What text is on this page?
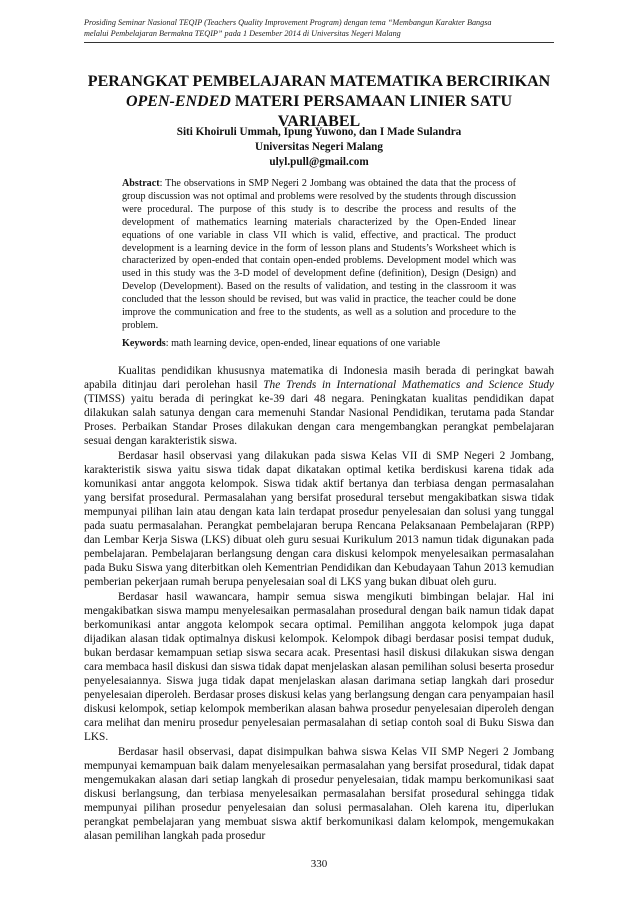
Prosiding Seminar Nasional TEQIP (Teachers Quality Improvement Program) dengan tema “Membangun Karakter Bangsa
melalui Pembelajaran Bermakna TEQIP” pada 1 Desember 2014 di Universitas Negeri Malang
PERANGKAT PEMBELAJARAN MATEMATIKA BERCIRIKAN
OPEN-ENDED MATERI PERSAMAAN LINIER SATU VARIABEL
Siti Khoiruli Ummah, Ipung Yuwono, dan I Made Sulandra
Universitas Negeri Malang
ulyl.pull@gmail.com
Abstract: The observations in SMP Negeri 2 Jombang was obtained the data that the process of group discussion was not optimal and problems were resolved by the students through discussion were procedural. The purpose of this study is to describe the process and results of the development of mathematics learning materials characterized by the Open-Ended linear equations of one variable in class VII which is valid, effective, and practical. The product development is a learning device in the form of lesson plans and Students’s Worksheet which is characterized by open-ended that contain open-ended problems. Development model which was used in this study was the 3-D model of development define (definition), Design (Design) and Develop (Development). Based on the results of validation, and testing in the classroom it was concluded that the lesson should be revised, but was valid in practice, the teacher could be done improve the communication and free to the students, as well as a solution and procedure to the problem.
Keywords: math learning device, open-ended, linear equations of one variable

Kualitas pendidikan khususnya matematika di Indonesia masih berada di peringkat bawah apabila ditinjau dari perolehan hasil The Trends in International Mathematics and Science Study (TIMSS) yaitu berada di peringkat ke-39 dari 48 negara. Peningkatan kualitas pendidikan dapat dilakukan salah satunya dengan cara memenuhi Standar Nasional Pendidikan, terutama pada Standar Proses. Perbaikan Standar Proses dilakukan dengan cara mengembangkan perangkat pembelajaran sesuai dengan karakteristik siswa.

Berdasar hasil observasi yang dilakukan pada siswa Kelas VII di SMP Negeri 2 Jombang, karakteristik siswa yaitu siswa tidak dapat dikatakan optimal ketika berdiskusi karena tidak ada komunikasi antar anggota kelompok. Siswa tidak aktif bertanya dan terbiasa dengan permasalahan yang bersifat prosedural. Permasalahan yang bersifat prosedural tersebut mengakibatkan siswa tidak mempunyai pilihan lain atau dengan kata lain terdapat prosedur penyelesaian dan solusi yang tunggal pada suatu permasalahan. Perangkat pembelajaran berupa Rencana Pelaksanaan Pembelajaran (RPP) dan Lembar Kerja Siswa (LKS) dibuat oleh guru sesuai Kurikulum 2013 namun tidak digunakan pada pembelajaran. Pembelajaran berlangsung dengan cara diskusi kelompok menyelesaikan permasalahan pada Buku Siswa yang diterbitkan oleh Kementrian Pendidikan dan Kebudayaan Tahun 2013 kemudian pemberian pekerjaan rumah berupa penyelesaian soal di LKS yang bukan dibuat oleh guru.

Berdasar hasil wawancara, hampir semua siswa mengikuti bimbingan belajar. Hal ini mengakibatkan siswa mampu menyelesaikan permasalahan prosedural dengan baik namun tidak dapat berkomunikasi antar anggota kelompok secara optimal. Pemilihan anggota kelompok juga dapat dijadikan alasan tidak optimalnya diskusi kelompok. Kelompok dibagi berdasar posisi tempat duduk, bukan berdasar kemampuan setiap siswa secara acak. Presentasi hasil diskusi dilakukan siswa dengan cara membaca hasil diskusi dan siswa tidak dapat menjelaskan alasan pemilihan solusi beserta prosedur penyelesaiannya. Siswa juga tidak dapat menjelaskan alasan darimana setiap langkah dari prosedur penyelesaian diperoleh. Berdasar proses diskusi kelas yang berlangsung dengan cara penyampaian hasil diskusi kelompok, setiap kelompok memberikan alasan bahwa prosedur penyelesaian diperoleh dengan cara melihat dan meniru prosedur penyelesaian permasalahan di setiap contoh soal di Buku Siswa dan LKS.

Berdasar hasil observasi, dapat disimpulkan bahwa siswa Kelas VII SMP Negeri 2 Jombang mempunyai kemampuan baik dalam menyelesaikan permasalahan yang bersifat prosedural, tidak dapat mengemukakan alasan dari setiap langkah di prosedur penyelesaian, tidak mampu berkomunikasi saat diskusi berlangsung, dan terbiasa menyelesaikan permasalahan bersifat prosedural sehingga tidak mempunyai pilihan prosedur penyelesaian dan solusi permasalahan. Oleh karena itu, diperlukan perangkat pembelajaran yang membuat siswa aktif berkomunikasi dalam kelompok, mengemukakan alasan pemilihan langkah pada prosedur

330
